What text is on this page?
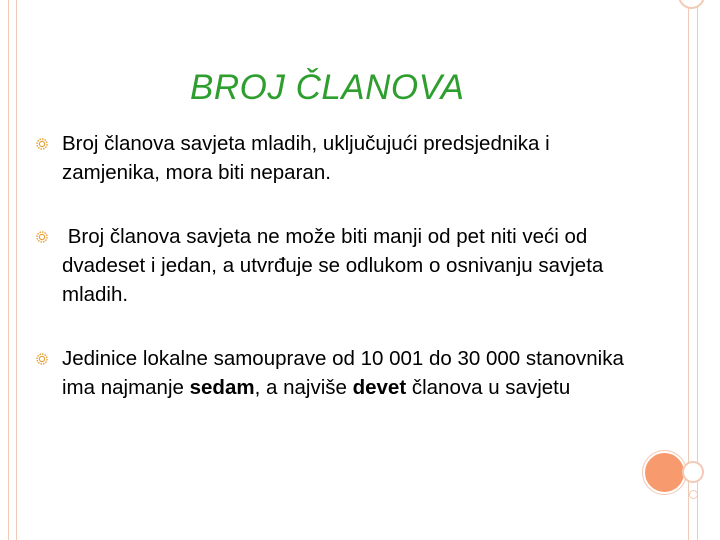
BROJ ČLANOVA
Broj članova savjeta mladih, uključujući predsjednika i zamjenika, mora biti neparan.
Broj članova savjeta ne može biti manji od pet niti veći od dvadeset i jedan, a utvrđuje se odlukom o osnivanju savjeta mladih.
Jedinice lokalne samouprave od 10 001 do 30 000 stanovnika ima najmanje sedam, a najviše devet članova u savjetu
